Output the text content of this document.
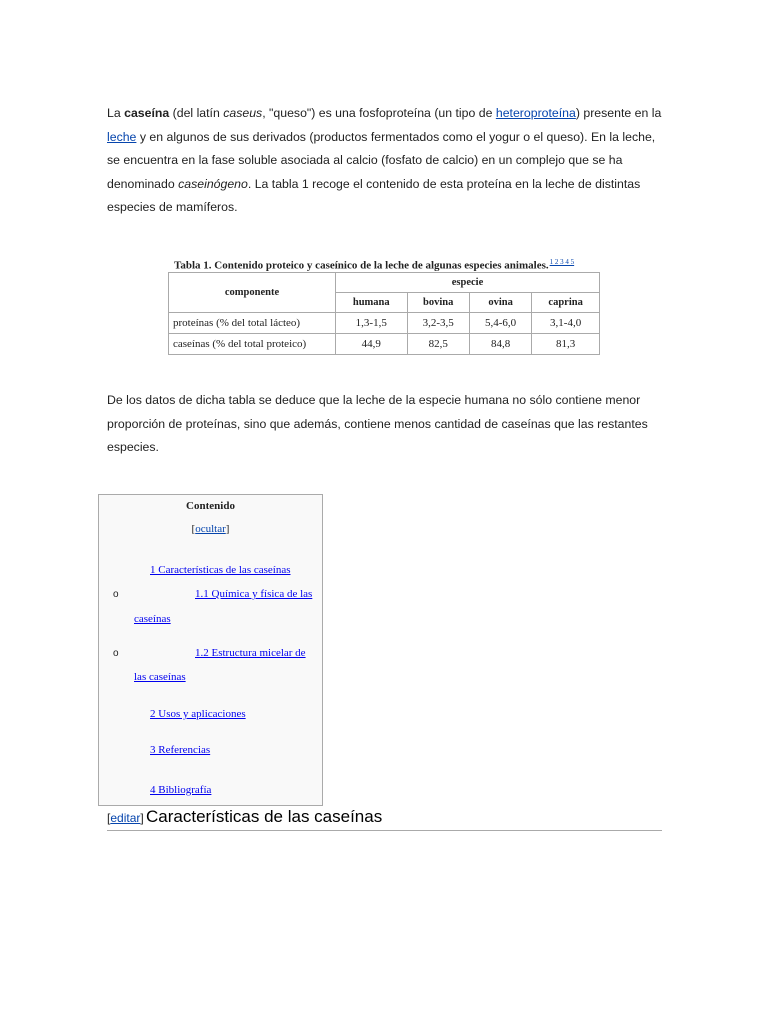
La caseína (del latín caseus, "queso") es una fosfoproteína (un tipo de heteroproteína) presente en la leche y en algunos de sus derivados (productos fermentados como el yogur o el queso). En la leche, se encuentra en la fase soluble asociada al calcio (fosfato de calcio) en un complejo que se ha denominado caseinógeno. La tabla 1 recoge el contenido de esta proteína en la leche de distintas especies de mamíferos.
Tabla 1. Contenido proteico y caseínico de la leche de algunas especies animales.$^{1 2 3 4 5}$
componente	especie			
	humana	bovina	ovina	caprina
proteínas (% del total lácteo)	1,3-1,5	3,2-3,5	5,4-6,0	3,1-4,0
caseínas (% del total proteico)	44,9	82,5	84,8	81,3
De los datos de dicha tabla se deduce que la leche de la especie humana no sólo contiene menor proporción de proteínas, sino que además, contiene menos cantidad de caseínas que las restantes especies.
Contenido
[ocultar]
1 Características de las caseínas
o	1.1 Química y física de las
caseínas
o	1.2 Estructura micelar de
las caseínas
2 Usos y aplicaciones
3 Referencias
4 Bibliografía
[editar] Características de las caseínas
